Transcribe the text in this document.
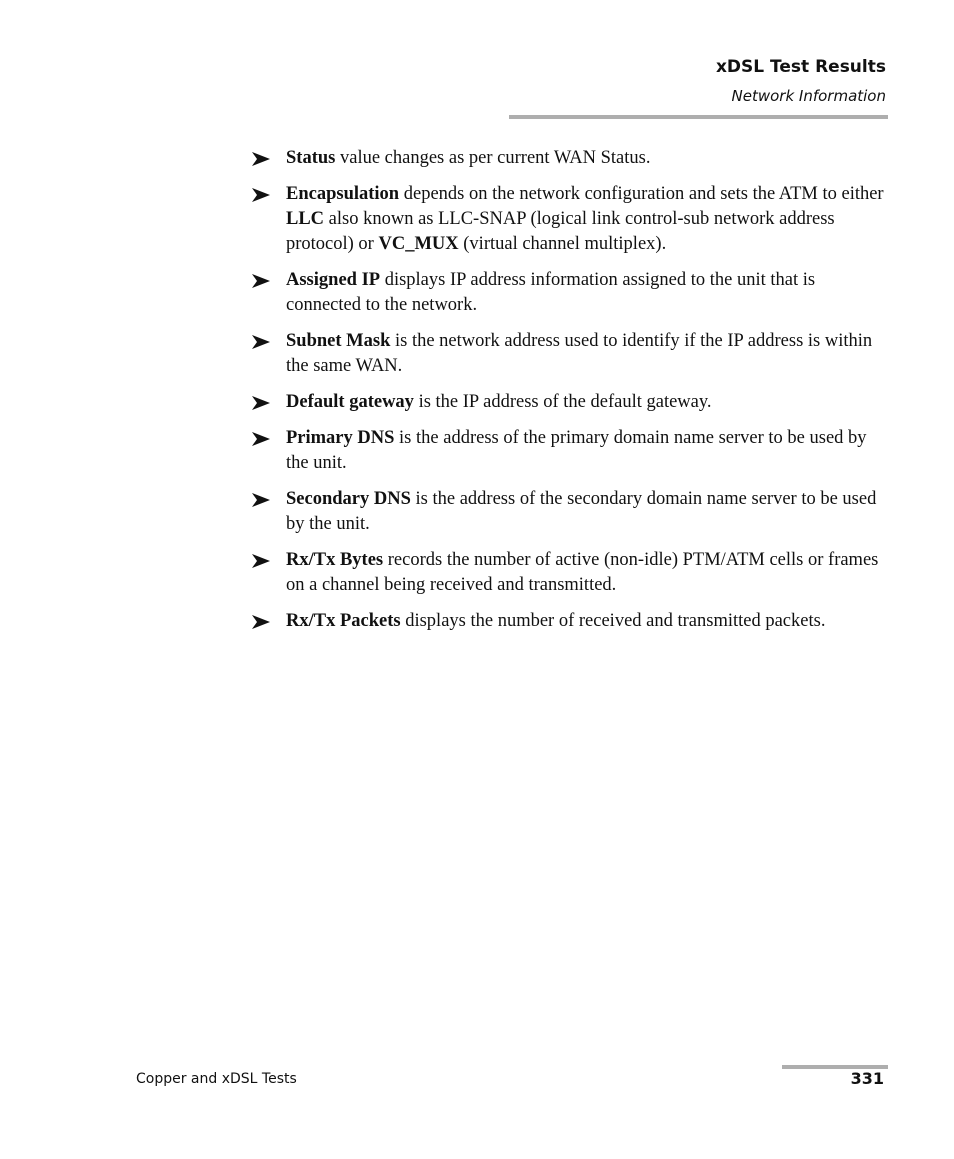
xDSL Test Results
Network Information
Status value changes as per current WAN Status.
Encapsulation depends on the network configuration and sets the ATM to either LLC also known as LLC-SNAP (logical link control-sub network address protocol) or VC_MUX (virtual channel multiplex).
Assigned IP displays IP address information assigned to the unit that is connected to the network.
Subnet Mask is the network address used to identify if the IP address is within the same WAN.
Default gateway is the IP address of the default gateway.
Primary DNS is the address of the primary domain name server to be used by the unit.
Secondary DNS is the address of the secondary domain name server to be used by the unit.
Rx/Tx Bytes records the number of active (non-idle) PTM/ATM cells or frames on a channel being received and transmitted.
Rx/Tx Packets displays the number of received and transmitted packets.
Copper and xDSL Tests	331
